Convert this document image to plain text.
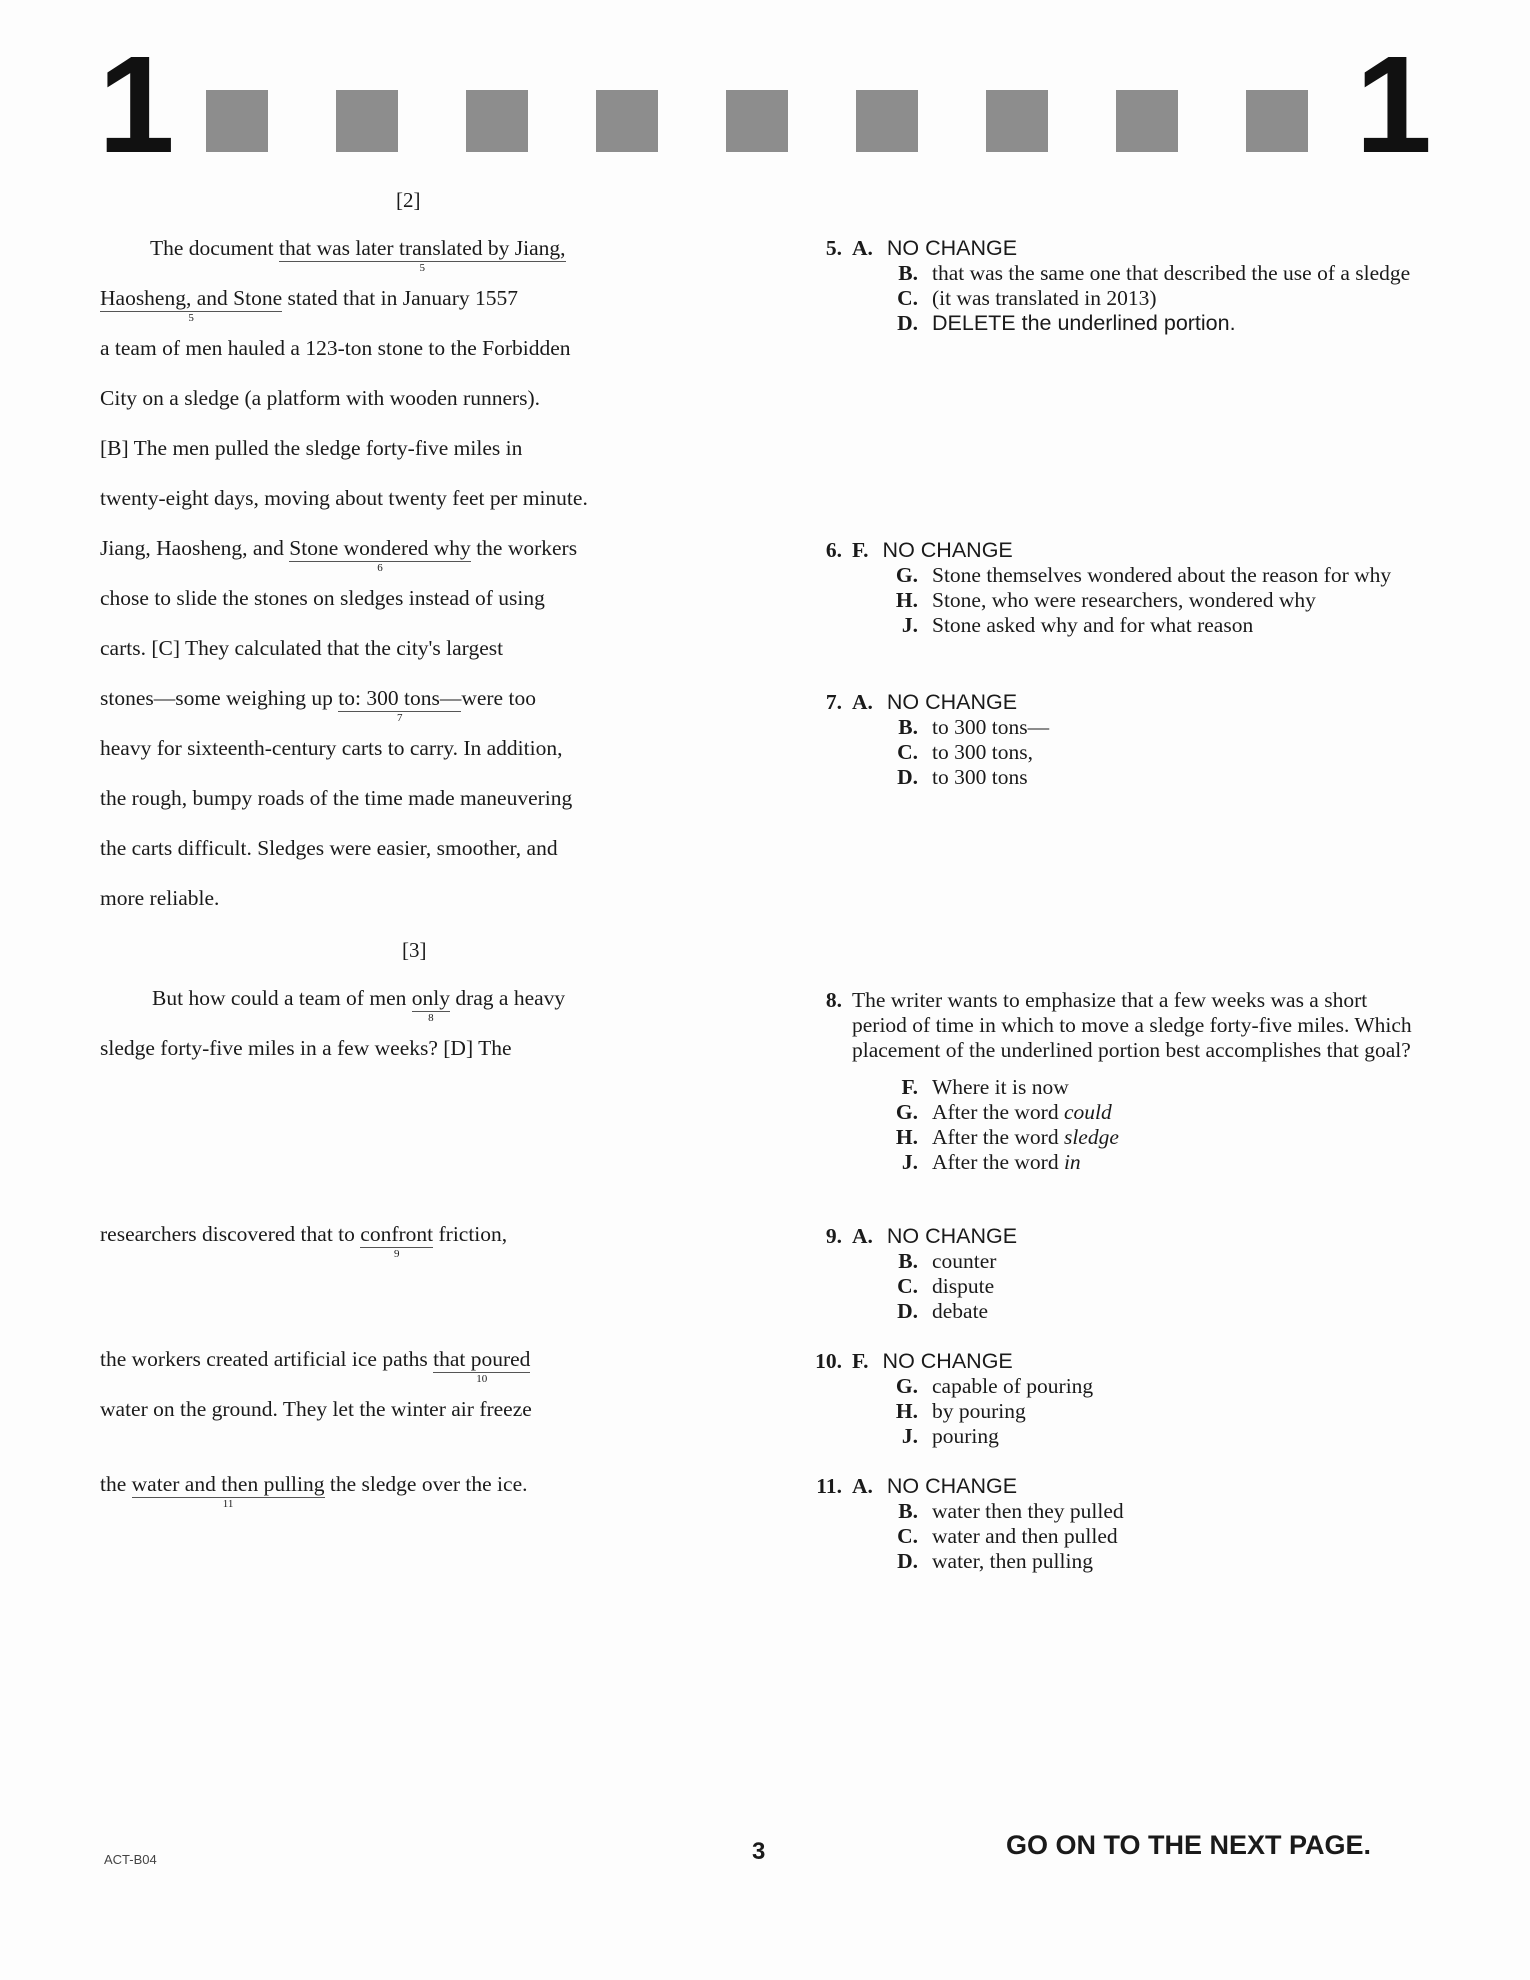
1	1
[2]
The document that was later translated by Jiang,
5
Haosheng, and Stone
5
stated that in January 1557
a team of men hauled a 123-ton stone to the Forbidden
City on a sledge (a platform with wooden runners).
[B] The men pulled the sledge forty-five miles in
twenty-eight days, moving about twenty feet per minute.
Jiang, Haosheng, and Stone wondered why
6
the workers
chose to slide the stones on sledges instead of using
carts. [C] They calculated that the city's largest
stones—some weighing up to: 300 tons—
7
were too
heavy for sixteenth-century carts to carry. In addition,
the rough, bumpy roads of the time made maneuvering
the carts difficult. Sledges were easier, smoother, and
more reliable.
But how could a team of men only
8
drag a heavy
sledge forty-five miles in a few weeks? [D] The
researchers discovered that to confront
9
friction,
the workers created artificial ice paths that poured
10
water on the ground. They let the winter air freeze
the water and then pulling
11
the sledge over the ice.
[3]
5. A. NO CHANGE
B. that was the same one that described the use of a sledge
C. (it was translated in 2013)
D. DELETE the underlined portion.
6. F. NO CHANGE
G. Stone themselves wondered about the reason for why
H. Stone, who were researchers, wondered why
J. Stone asked why and for what reason
7. A. NO CHANGE
B. to 300 tons—
C. to 300 tons,
D. to 300 tons
8. The writer wants to emphasize that a few weeks was a short period of time in which to move a sledge forty-five miles. Which placement of the underlined portion best accomplishes that goal?
F. Where it is now
G. After the word could
H. After the word sledge
J. After the word in
9. A. NO CHANGE
B. counter
C. dispute
D. debate
10. F. NO CHANGE
G. capable of pouring
H. by pouring
J. pouring
11. A. NO CHANGE
B. water then they pulled
C. water and then pulled
D. water, then pulling
ACT-B04	3	GO ON TO THE NEXT PAGE.
